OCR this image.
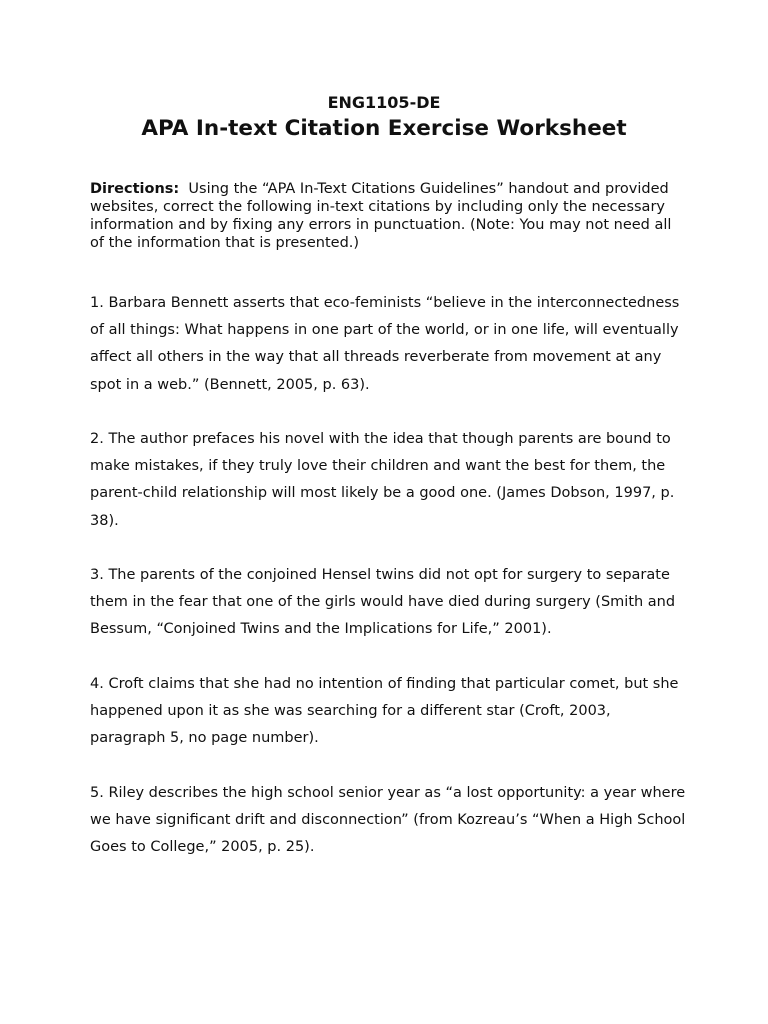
ENG1105-DE
APA In-text Citation Exercise Worksheet
Directions: Using the “APA In-Text Citations Guidelines” handout and provided websites, correct the following in-text citations by including only the necessary information and by fixing any errors in punctuation. (Note: You may not need all of the information that is presented.)

1. Barbara Bennett asserts that eco-feminists “believe in the interconnectedness of all things: What happens in one part of the world, or in one life, will eventually affect all others in the way that all threads reverberate from movement at any spot in a web.” (Bennett, 2005, p. 63).

2. The author prefaces his novel with the idea that though parents are bound to make mistakes, if they truly love their children and want the best for them, the parent-child relationship will most likely be a good one. (James Dobson, 1997, p. 38).

3. The parents of the conjoined Hensel twins did not opt for surgery to separate them in the fear that one of the girls would have died during surgery (Smith and Bessum, “Conjoined Twins and the Implications for Life,” 2001).

4. Croft claims that she had no intention of finding that particular comet, but she happened upon it as she was searching for a different star (Croft, 2003, paragraph 5, no page number).

5. Riley describes the high school senior year as “a lost opportunity: a year where we have significant drift and disconnection” (from Kozreau’s “When a High School Goes to College,” 2005, p. 25).
